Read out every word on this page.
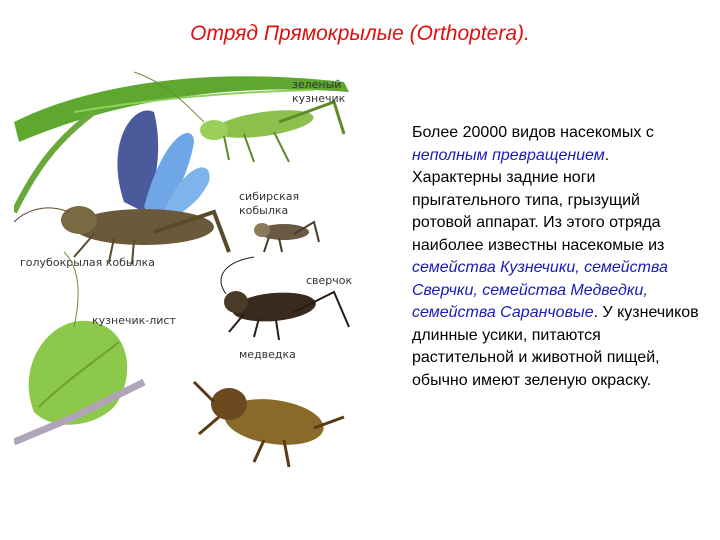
Отряд Прямокрылые (Orthoptera).
зеленый
кузнечик
голубокрылая кобылка
сибирская
кобылка
сверчок
кузнечик-лист
медведка
Более 20000 видов насекомых с неполным превращением. Характерны задние ноги прыгательного типа, грызущий ротовой аппарат. Из этого отряда наиболее известны насекомые из семейства Кузнечики, семейства Сверчки, семейства Медведки, семейства Саранчовые. У кузнечиков длинные усики, питаются растительной и животной пищей, обычно имеют зеленую окраску.
